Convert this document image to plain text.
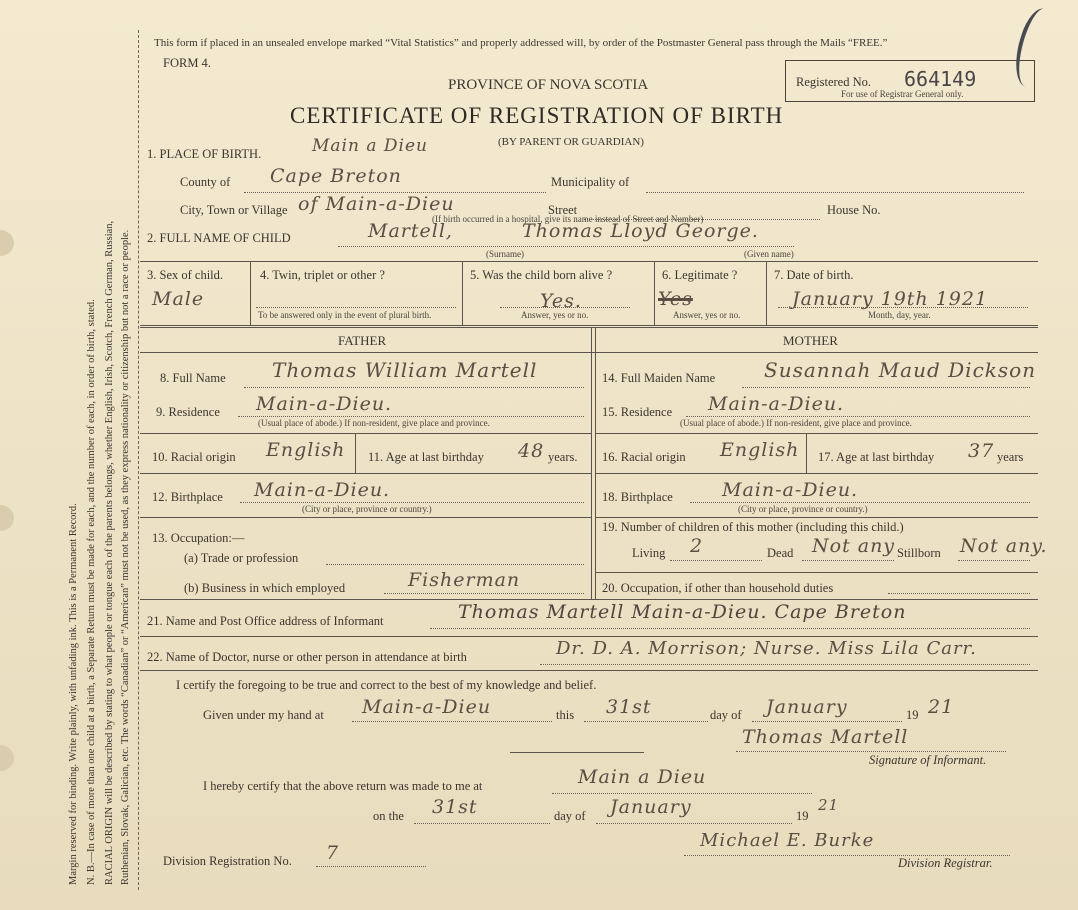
Margin reserved for binding. Write plainly, with unfading ink. This is a Permanent Record. N. B.—In case of more than one child at a birth, a Separate Return must be made for each, and the number of each, in order of birth, stated. RACIAL ORIGIN will be described by stating to what people or tongue each of the parents belongs, whether English, Irish, Scotch, French German, Russian, Ruthenian, Slovak, Galician, etc. The words “Canadian” or “American” must not be used, as they express nationality or citizenship but not a race or people.
This form if placed in an unsealed envelope marked “Vital Statistics” and properly addressed will, by order of the Postmaster General pass through the Mails “FREE.”
FORM 4.
PROVINCE OF NOVA SCOTIA
CERTIFICATE OF REGISTRATION OF BIRTH
(BY PARENT OR GUARDIAN)
Registered No. 664149
For use of Registrar General only.
1. PLACE OF BIRTH.	Main a Dieu
County of Cape Breton	Municipality of
City, Town or Village of Main-a-Dieu	Street	House No.
(If birth occurred in a hospital, give its name instead of Street and Number)
2. FULL NAME OF CHILD	Martell,	Thomas Lloyd George.
(Surname)	(Given name)
3. Sex of child.
Male
4. Twin, triplet or other ?
To be answered only in the event of plural birth.
5. Was the child born alive ?
Yes.
Answer, yes or no.
6. Legitimate ?
Yes
Answer, yes or no.
7. Date of birth.
January 19th 1921
Month, day, year.
FATHER	MOTHER
8. Full Name Thomas William Martell
9. Residence Main-a-Dieu.
(Usual place of abode.) If non-resident, give place and province.
10. Racial origin English 11. Age at last birthday 48 years.
12. Birthplace Main-a-Dieu.
(City or place, province or country.)
13. Occupation:—
(a) Trade or profession
(b) Business in which employed	Fisherman
14. Full Maiden Name Susannah Maud Dickson
15. Residence Main-a-Dieu.
(Usual place of abode.) If non-resident, give place and province.
16. Racial origin English 17. Age at last birthday 37 years
18. Birthplace	Main-a-Dieu.
(City or place, province or country.)
19. Number of children of this mother (including this child.)
Living 2	Dead Not any Stillborn Not any.
20. Occupation, if other than household duties
21. Name and Post Office address of Informant	Thomas Martell Main-a-Dieu. Cape Breton
22. Name of Doctor, nurse or other person in attendance at birth	Dr. D. A. Morrison; Nurse. Miss Lila Carr.
I certify the foregoing to be true and correct to the best of my knowledge and belief.
Given under my hand at Main-a-Dieu	this 31st	day of January	19 21
Thomas Martell
Signature of Informant.
I hereby certify that the above return was made to me at	Main a Dieu
on the 31st	day of January	19
21
Michael E. Burke
Division Registrar.
Division Registration No. 7
